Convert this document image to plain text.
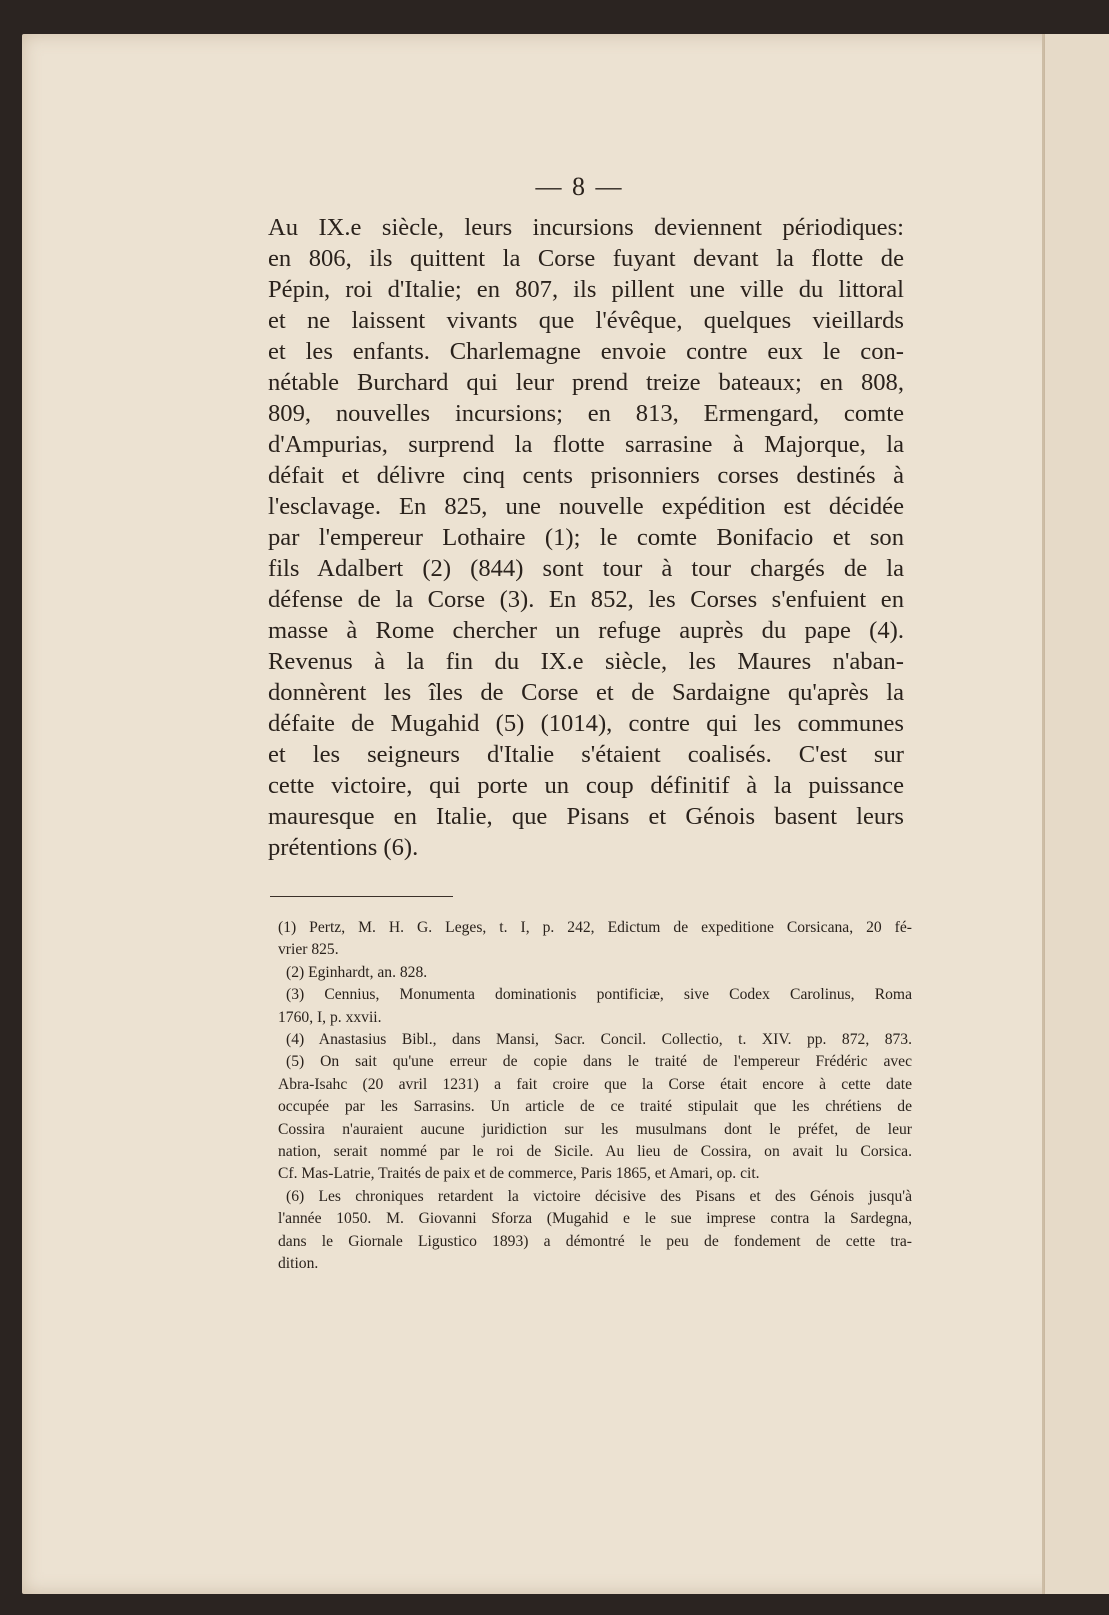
— 8 —
Au IX.e siècle, leurs incursions deviennent périodiques:
en 806, ils quittent la Corse fuyant devant la flotte de
Pépin, roi d'Italie; en 807, ils pillent une ville du littoral
et ne laissent vivants que l'évêque, quelques vieillards
et les enfants. Charlemagne envoie contre eux le con-
nétable Burchard qui leur prend treize bateaux; en 808,
809, nouvelles incursions; en 813, Ermengard, comte
d'Ampurias, surprend la flotte sarrasine à Majorque, la
défait et délivre cinq cents prisonniers corses destinés à
l'esclavage. En 825, une nouvelle expédition est décidée
par l'empereur Lothaire (1); le comte Bonifacio et son
fils Adalbert (2) (844) sont tour à tour chargés de la
défense de la Corse (3). En 852, les Corses s'enfuient en
masse à Rome chercher un refuge auprès du pape (4).
Revenus à la fin du IX.e siècle, les Maures n'aban-
donnèrent les îles de Corse et de Sardaigne qu'après la
défaite de Mugahid (5) (1014), contre qui les communes
et les seigneurs d'Italie s'étaient coalisés. C'est sur
cette victoire, qui porte un coup définitif à la puissance
mauresque en Italie, que Pisans et Génois basent leurs
prétentions (6).
(1) Pertz, M. H. G. Leges, t. I, p. 242, Edictum de expeditione Corsicana, 20 fé-
vrier 825.
(2) Eginhardt, an. 828.
(3) Cennius, Monumenta dominationis pontificiæ, sive Codex Carolinus, Roma
1760, I, p. xxvii.
(4) Anastasius Bibl., dans Mansi, Sacr. Concil. Collectio, t. XIV. pp. 872, 873.
(5) On sait qu'une erreur de copie dans le traité de l'empereur Frédéric avec
Abra-Isahc (20 avril 1231) a fait croire que la Corse était encore à cette date
occupée par les Sarrasins. Un article de ce traité stipulait que les chrétiens de
Cossira n'auraient aucune juridiction sur les musulmans dont le préfet, de leur
nation, serait nommé par le roi de Sicile. Au lieu de Cossira, on avait lu Corsica.
Cf. Mas-Latrie, Traités de paix et de commerce, Paris 1865, et Amari, op. cit.
(6) Les chroniques retardent la victoire décisive des Pisans et des Génois jusqu'à
l'année 1050. M. Giovanni Sforza (Mugahid e le sue imprese contra la Sardegna,
dans le Giornale Ligustico 1893) a démontré le peu de fondement de cette tra-
dition.
